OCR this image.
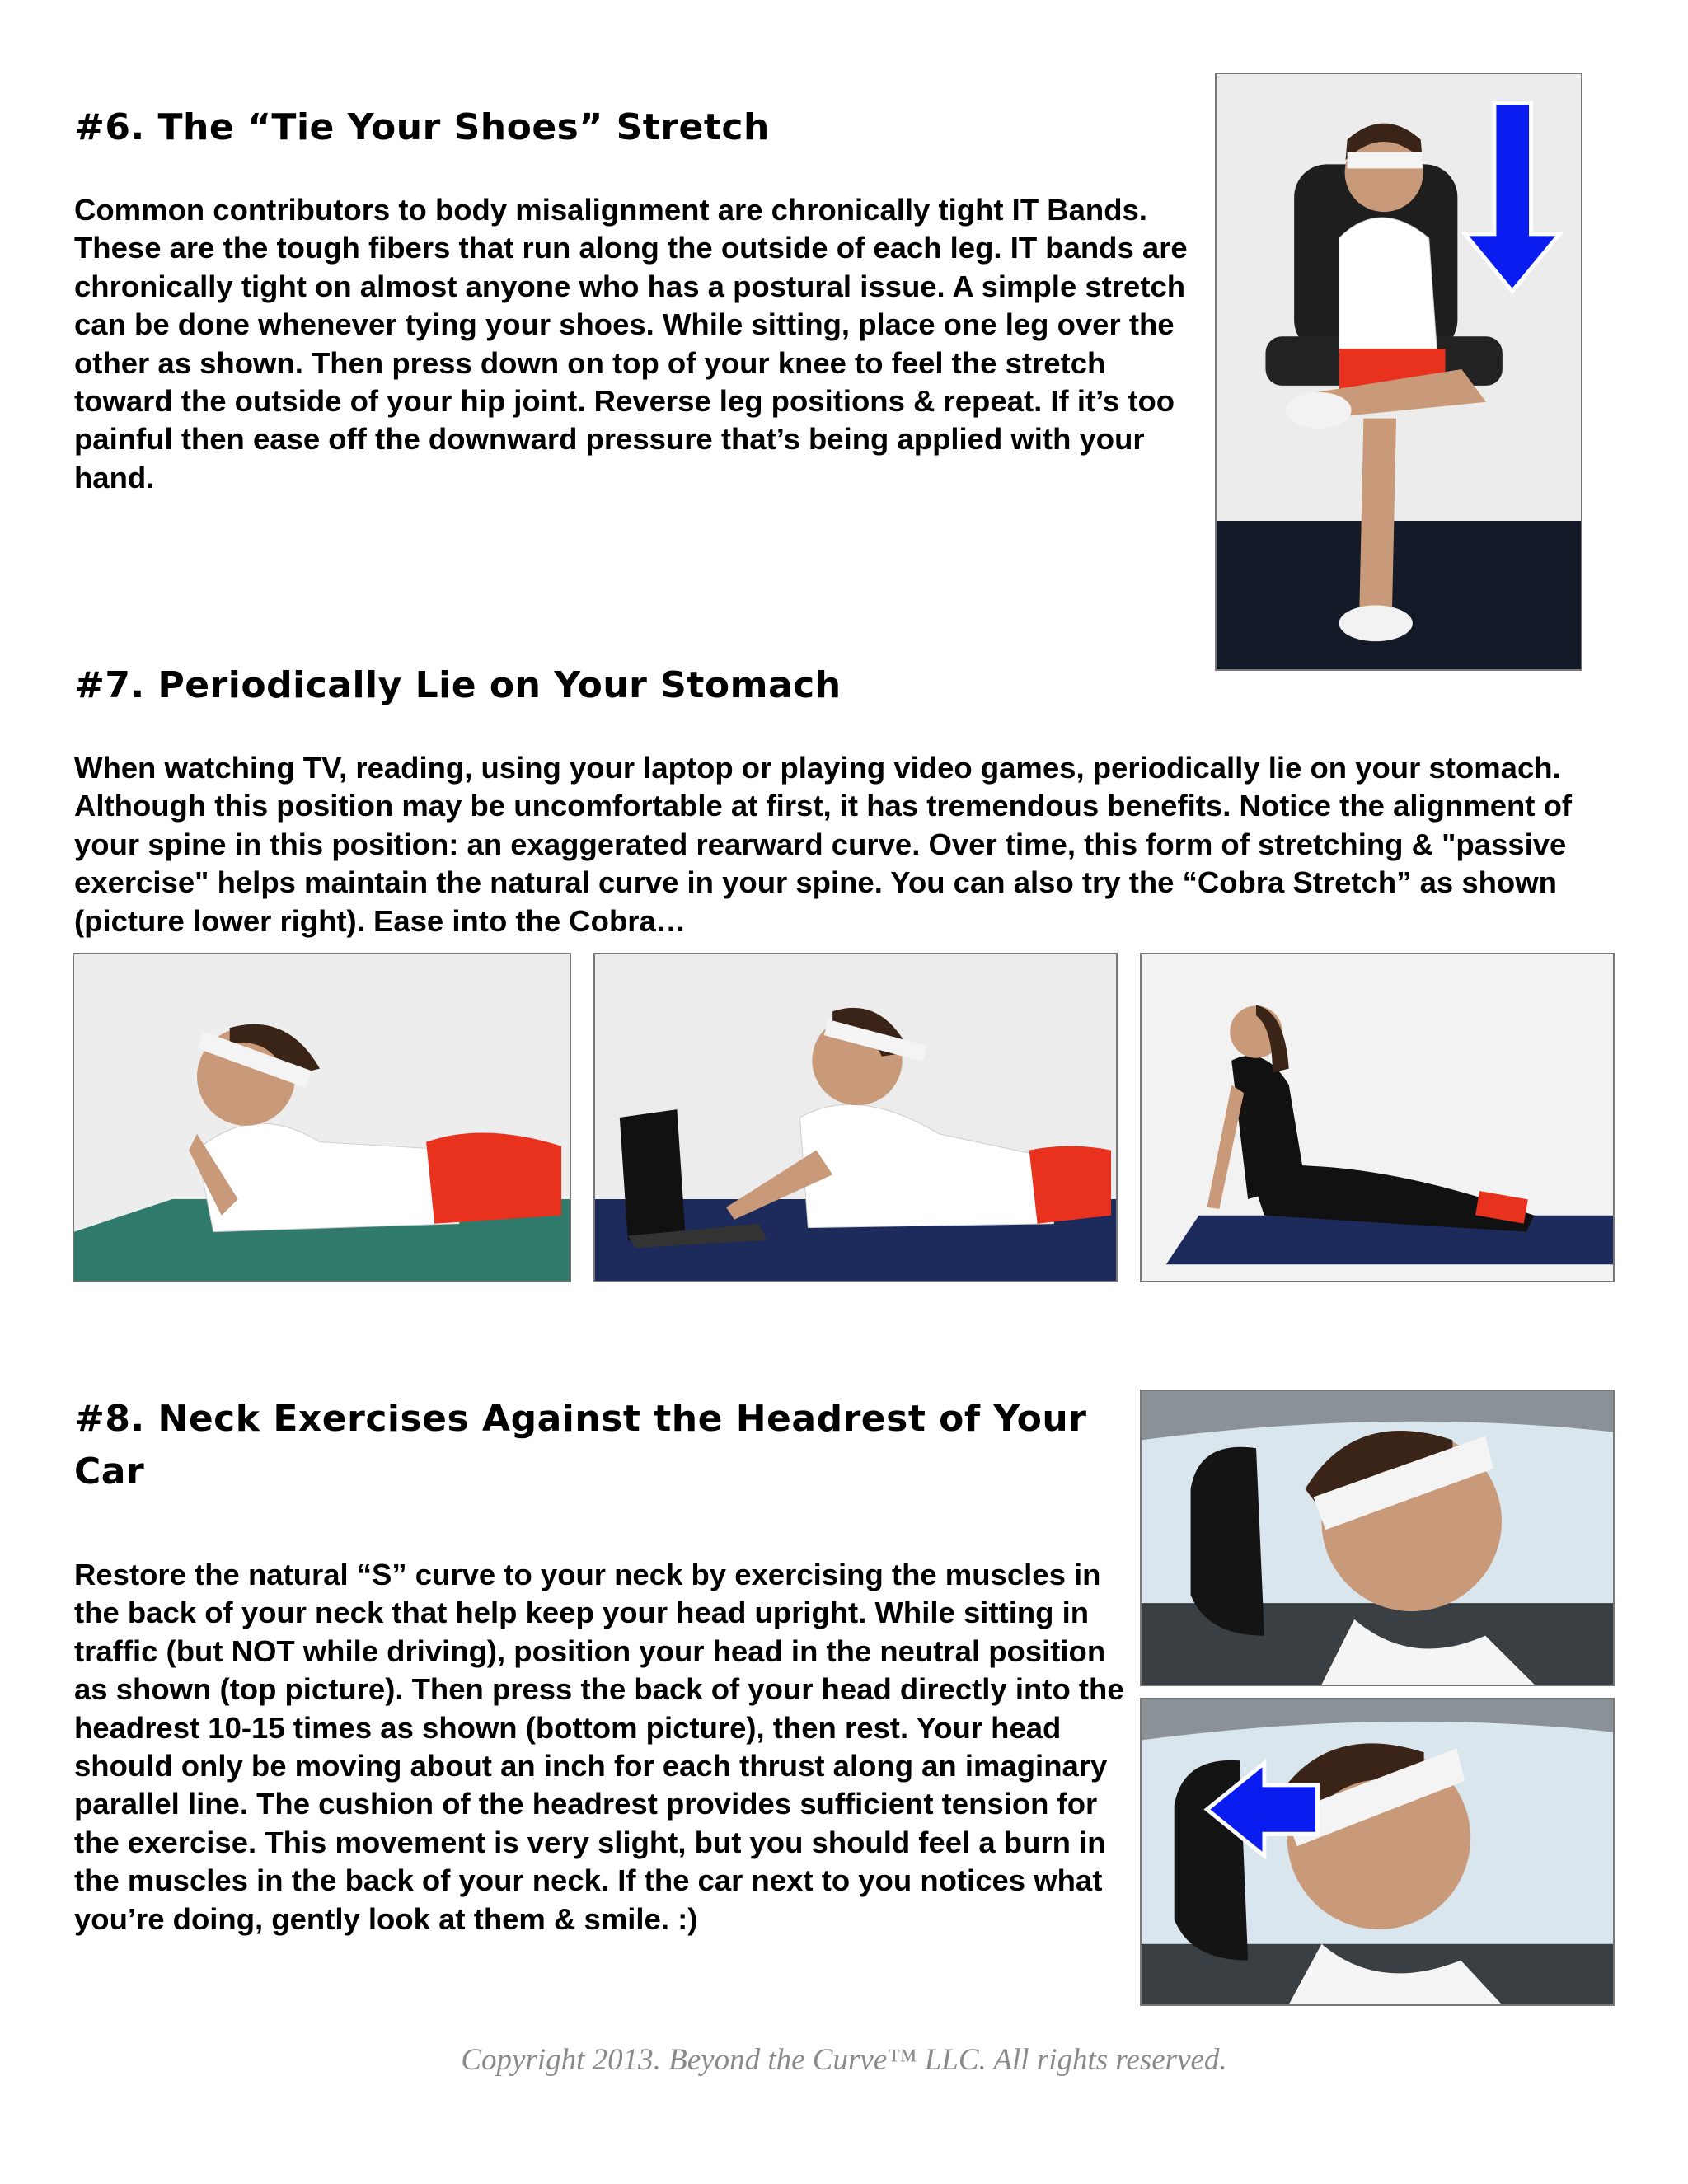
#6. The “Tie Your Shoes” Stretch

Common contributors to body misalignment are chronically tight IT Bands. These are the tough fibers that run along the outside of each leg. IT bands are chronically tight on almost anyone who has a postural issue. A simple stretch can be done whenever tying your shoes. While sitting, place one leg over the other as shown. Then press down on top of your knee to feel the stretch toward the outside of your hip joint. Reverse leg positions & repeat. If it’s too painful then ease off the downward pressure that’s being applied with your hand.

#7. Periodically Lie on Your Stomach

When watching TV, reading, using your laptop or playing video games, periodically lie on your stomach. Although this position may be uncomfortable at first, it has tremendous benefits. Notice the alignment of your spine in this position: an exaggerated rearward curve. Over time, this form of stretching & "passive exercise" helps maintain the natural curve in your spine. You can also try the “Cobra Stretch” as shown (picture lower right). Ease into the Cobra…

#8. Neck Exercises Against the Headrest of Your Car

Restore the natural “S” curve to your neck by exercising the muscles in the back of your neck that help keep your head upright. While sitting in traffic (but NOT while driving), position your head in the neutral position as shown (top picture). Then press the back of your head directly into the headrest 10-15 times as shown (bottom picture), then rest. Your head should only be moving about an inch for each thrust along an imaginary parallel line. The cushion of the headrest provides sufficient tension for the exercise. This movement is very slight, but you should feel a burn in the muscles in the back of your neck. If the car next to you notices what you’re doing, gently look at them & smile. :)

Copyright 2013. Beyond the Curve™ LLC. All rights reserved.
